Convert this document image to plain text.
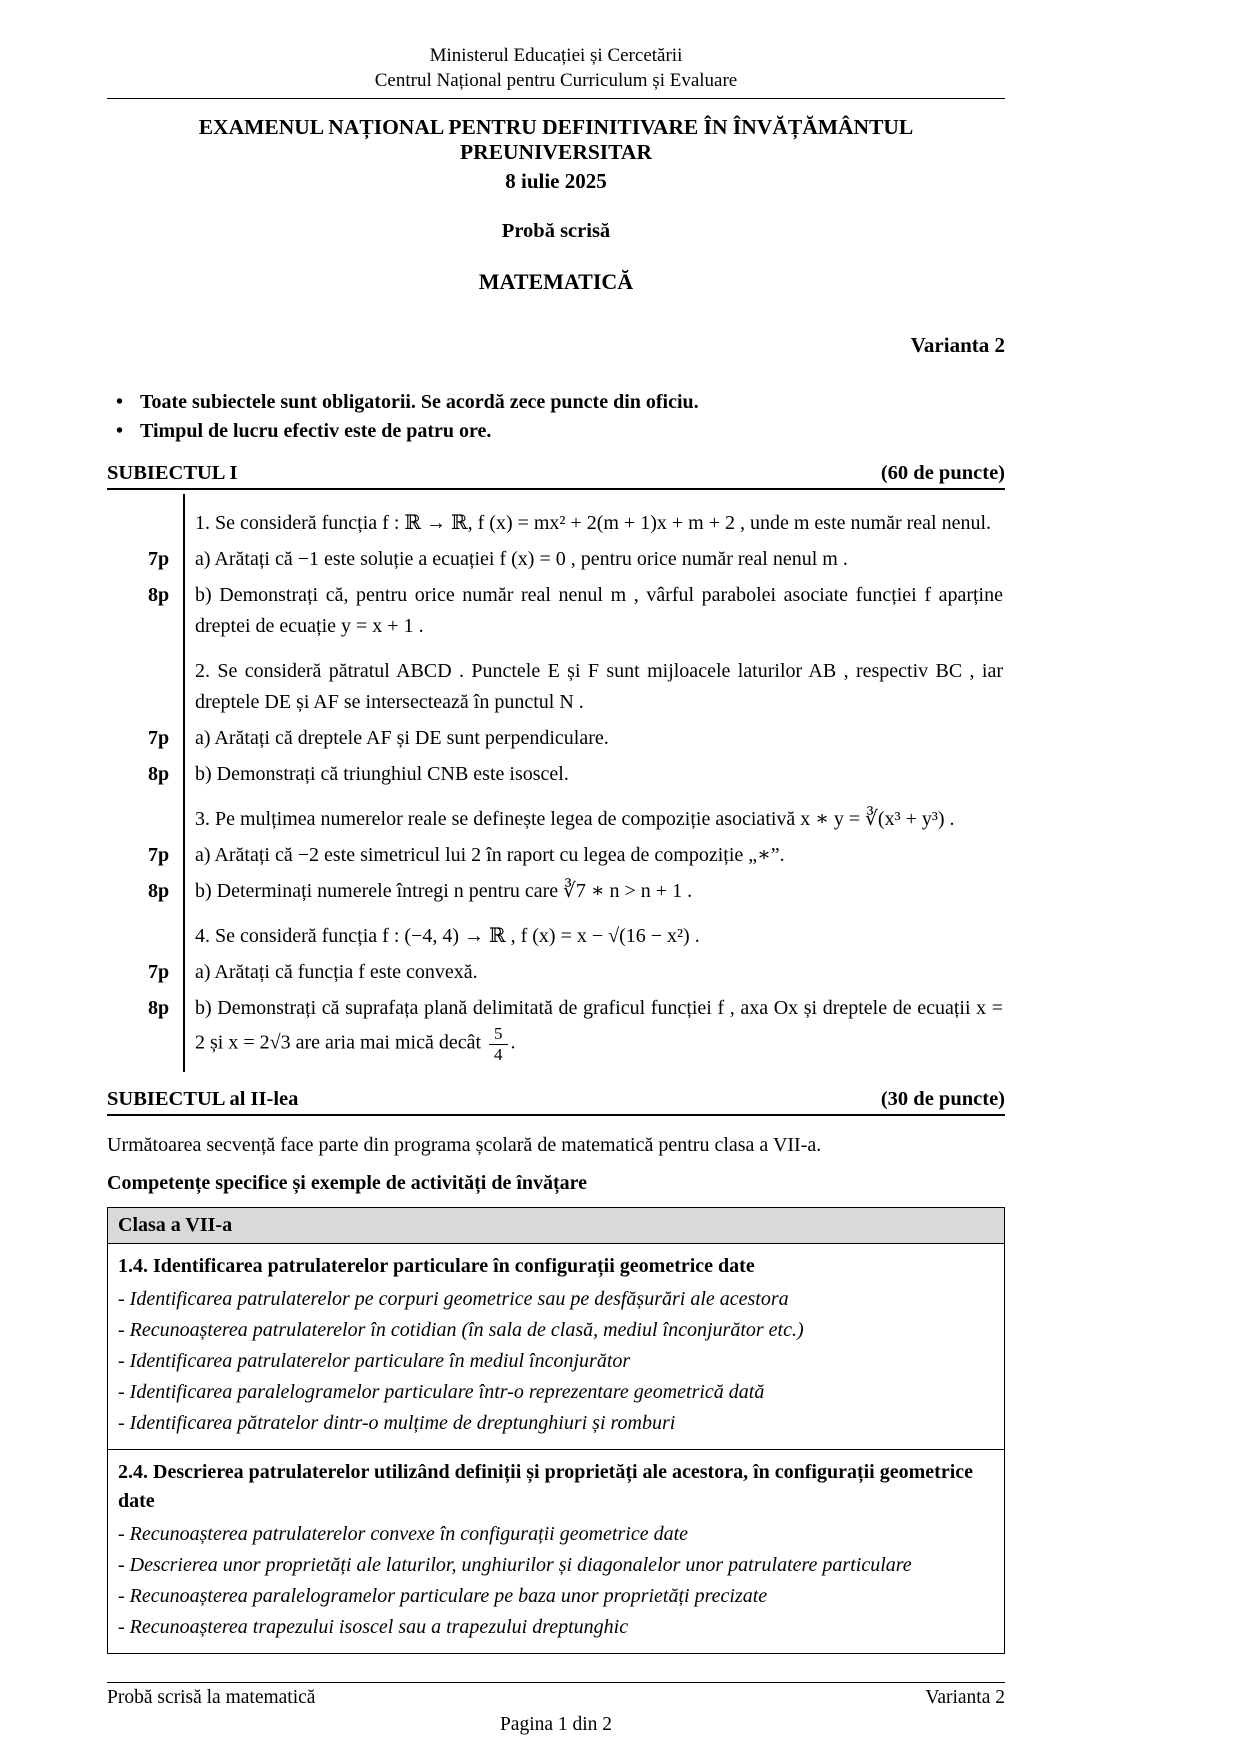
Ministerul Educației și Cercetării
Centrul Național pentru Curriculum și Evaluare
EXAMENUL NAȚIONAL PENTRU DEFINITIVARE ÎN ÎNVĂȚĂMÂNTUL PREUNIVERSITAR
8 iulie 2025
Probă scrisă
MATEMATICĂ
Varianta 2
• Toate subiectele sunt obligatorii. Se acordă zece puncte din oficiu.
• Timpul de lucru efectiv este de patru ore.
SUBIECTUL I	(60 de puncte)
1. Se consideră funcția f : ℝ → ℝ, f (x) = mx² + 2(m + 1)x + m + 2 , unde m este număr real nenul.
7p	a) Arătați că −1 este soluție a ecuației f (x) = 0 , pentru orice număr real nenul m .
8p	b) Demonstrați că, pentru orice număr real nenul m , vârful parabolei asociate funcției f aparține dreptei de ecuație y = x + 1 .
2. Se consideră pătratul ABCD . Punctele E și F sunt mijloacele laturilor AB , respectiv BC , iar dreptele DE și AF se intersectează în punctul N .
7p	a) Arătați că dreptele AF și DE sunt perpendiculare.
8p	b) Demonstrați că triunghiul CNB este isoscel.
3. Pe mulțimea numerelor reale se definește legea de compoziție asociativă x ∗ y = ∛(x³ + y³) .
7p	a) Arătați că −2 este simetricul lui 2 în raport cu legea de compoziție „∗”.
8p	b) Determinați numerele întregi n pentru care ∛7 ∗ n > n + 1 .
4. Se consideră funcția f : (−4, 4) → ℝ , f (x) = x − √(16 − x²) .
7p	a) Arătați că funcția f este convexă.
8p	b) Demonstrați că suprafața plană delimitată de graficul funcției f , axa Ox și dreptele de ecuații x = 2 și x = 2√3 are aria mai mică decât $\frac{5}{4}$ .
SUBIECTUL al II-lea	(30 de puncte)
Următoarea secvență face parte din programa școlară de matematică pentru clasa a VII-a.
Competențe specifice și exemple de activități de învățare
Clasa a VII-a
1.4. Identificarea patrulaterelor particulare în configurații geometrice date
- Identificarea patrulaterelor pe corpuri geometrice sau pe desfășurări ale acestora
- Recunoașterea patrulaterelor în cotidian (în sala de clasă, mediul înconjurător etc.)
- Identificarea patrulaterelor particulare în mediul înconjurător
- Identificarea paralelogramelor particulare într-o reprezentare geometrică dată
- Identificarea pătratelor dintr-o mulțime de dreptunghiuri și romburi
2.4. Descrierea patrulaterelor utilizând definiții și proprietăți ale acestora, în configurații geometrice date
- Recunoașterea patrulaterelor convexe în configurații geometrice date
- Descrierea unor proprietăți ale laturilor, unghiurilor și diagonalelor unor patrulatere particulare
- Recunoașterea paralelogramelor particulare pe baza unor proprietăți precizate
- Recunoașterea trapezului isoscel sau a trapezului dreptunghic
Probă scrisă la matematică	Varianta 2
Pagina 1 din 2
